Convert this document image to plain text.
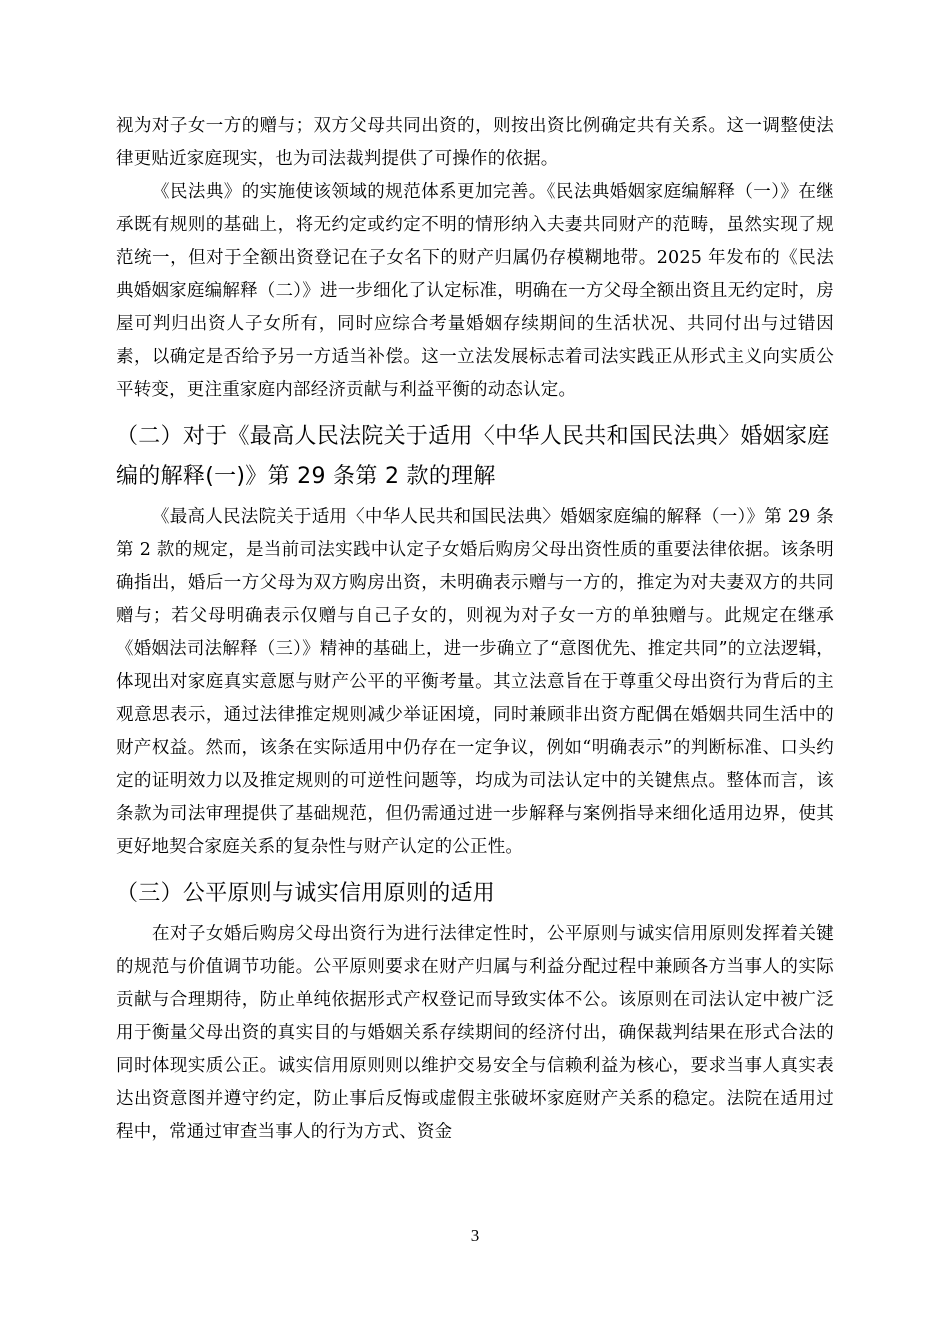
视为对子女一方的赠与；双方父母共同出资的，则按出资比例确定共有关系。这一调整使法律更贴近家庭现实，也为司法裁判提供了可操作的依据。

《民法典》的实施使该领域的规范体系更加完善。《民法典婚姻家庭编解释（一）》在继承既有规则的基础上，将无约定或约定不明的情形纳入夫妻共同财产的范畴，虽然实现了规范统一，但对于全额出资登记在子女名下的财产归属仍存模糊地带。2025 年发布的《民法典婚姻家庭编解释（二）》进一步细化了认定标准，明确在一方父母全额出资且无约定时，房屋可判归出资人子女所有，同时应综合考量婚姻存续期间的生活状况、共同付出与过错因素，以确定是否给予另一方适当补偿。这一立法发展标志着司法实践正从形式主义向实质公平转变，更注重家庭内部经济贡献与利益平衡的动态认定。

（二）对于《最高人民法院关于适用〈中华人民共和国民法典〉婚姻家庭编的解释(一)》第 29 条第 2 款的理解

《最高人民法院关于适用〈中华人民共和国民法典〉婚姻家庭编的解释（一）》第 29 条第 2 款的规定，是当前司法实践中认定子女婚后购房父母出资性质的重要法律依据。该条明确指出，婚后一方父母为双方购房出资，未明确表示赠与一方的，推定为对夫妻双方的共同赠与；若父母明确表示仅赠与自己子女的，则视为对子女一方的单独赠与。此规定在继承《婚姻法司法解释（三）》精神的基础上，进一步确立了“意图优先、推定共同”的立法逻辑，体现出对家庭真实意愿与财产公平的平衡考量。其立法意旨在于尊重父母出资行为背后的主观意思表示，通过法律推定规则减少举证困境，同时兼顾非出资方配偶在婚姻共同生活中的财产权益。然而，该条在实际适用中仍存在一定争议，例如“明确表示”的判断标准、口头约定的证明效力以及推定规则的可逆性问题等，均成为司法认定中的关键焦点。整体而言，该条款为司法审理提供了基础规范，但仍需通过进一步解释与案例指导来细化适用边界，使其更好地契合家庭关系的复杂性与财产认定的公正性。

（三）公平原则与诚实信用原则的适用

在对子女婚后购房父母出资行为进行法律定性时，公平原则与诚实信用原则发挥着关键的规范与价值调节功能。公平原则要求在财产归属与利益分配过程中兼顾各方当事人的实际贡献与合理期待，防止单纯依据形式产权登记而导致实体不公。该原则在司法认定中被广泛用于衡量父母出资的真实目的与婚姻关系存续期间的经济付出，确保裁判结果在形式合法的同时体现实质公正。诚实信用原则则以维护交易安全与信赖利益为核心，要求当事人真实表达出资意图并遵守约定，防止事后反悔或虚假主张破坏家庭财产关系的稳定。法院在适用过程中，常通过审查当事人的行为方式、资金

3
